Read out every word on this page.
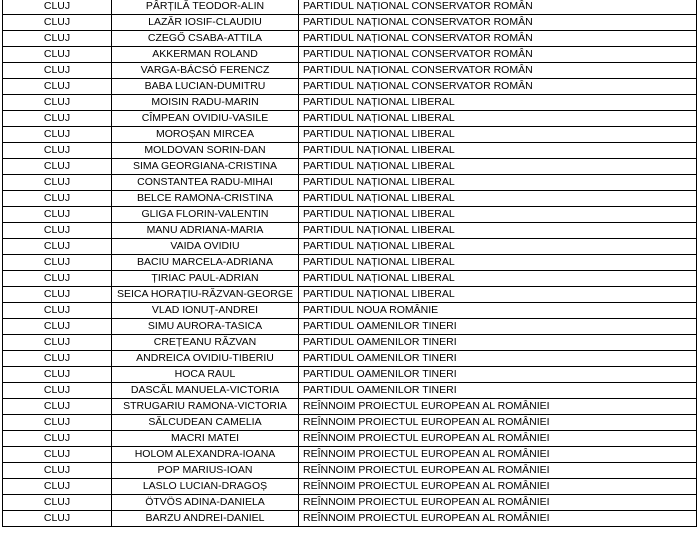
CLUJ	PÂRȚILĂ TEODOR-ALIN	PARTIDUL NAȚIONAL CONSERVATOR ROMÂN
CLUJ	LAZĂR IOSIF-CLAUDIU	PARTIDUL NAȚIONAL CONSERVATOR ROMÂN
CLUJ	CZEGŐ CSABA-ATTILA	PARTIDUL NAȚIONAL CONSERVATOR ROMÂN
CLUJ	AKKERMAN ROLAND	PARTIDUL NAȚIONAL CONSERVATOR ROMÂN
CLUJ	VARGA-BÁCSÓ FERENCZ	PARTIDUL NAȚIONAL CONSERVATOR ROMÂN
CLUJ	BABA LUCIAN-DUMITRU	PARTIDUL NAȚIONAL CONSERVATOR ROMÂN
CLUJ	MOISIN RADU-MARIN	PARTIDUL NAȚIONAL LIBERAL
CLUJ	CÎMPEAN OVIDIU-VASILE	PARTIDUL NAȚIONAL LIBERAL
CLUJ	MOROȘAN MIRCEA	PARTIDUL NAȚIONAL LIBERAL
CLUJ	MOLDOVAN SORIN-DAN	PARTIDUL NAȚIONAL LIBERAL
CLUJ	SIMA GEORGIANA-CRISTINA	PARTIDUL NAȚIONAL LIBERAL
CLUJ	CONSTANTEA RADU-MIHAI	PARTIDUL NAȚIONAL LIBERAL
CLUJ	BELCE RAMONA-CRISTINA	PARTIDUL NAȚIONAL LIBERAL
CLUJ	GLIGA FLORIN-VALENTIN	PARTIDUL NAȚIONAL LIBERAL
CLUJ	MANU ADRIANA-MARIA	PARTIDUL NAȚIONAL LIBERAL
CLUJ	VAIDA OVIDIU	PARTIDUL NAȚIONAL LIBERAL
CLUJ	BACIU MARCELA-ADRIANA	PARTIDUL NAȚIONAL LIBERAL
CLUJ	ȚIRIAC PAUL-ADRIAN	PARTIDUL NAȚIONAL LIBERAL
CLUJ	SEICA HORAȚIU-RĂZVAN-GEORGE	PARTIDUL NAȚIONAL LIBERAL
CLUJ	VLAD IONUȚ-ANDREI	PARTIDUL NOUA ROMÂNIE
CLUJ	SIMU AURORA-TASICA	PARTIDUL OAMENILOR TINERI
CLUJ	CREȚEANU RĂZVAN	PARTIDUL OAMENILOR TINERI
CLUJ	ANDREICA OVIDIU-TIBERIU	PARTIDUL OAMENILOR TINERI
CLUJ	HOCA RAUL	PARTIDUL OAMENILOR TINERI
CLUJ	DASCĂL MANUELA-VICTORIA	PARTIDUL OAMENILOR TINERI
CLUJ	STRUGARIU RAMONA-VICTORIA	REÎNNOIM PROIECTUL EUROPEAN AL ROMÂNIEI
CLUJ	SĂLCUDEAN CAMELIA	REÎNNOIM PROIECTUL EUROPEAN AL ROMÂNIEI
CLUJ	MACRI MATEI	REÎNNOIM PROIECTUL EUROPEAN AL ROMÂNIEI
CLUJ	HOLOM ALEXANDRA-IOANA	REÎNNOIM PROIECTUL EUROPEAN AL ROMÂNIEI
CLUJ	POP MARIUS-IOAN	REÎNNOIM PROIECTUL EUROPEAN AL ROMÂNIEI
CLUJ	LASLO LUCIAN-DRAGOȘ	REÎNNOIM PROIECTUL EUROPEAN AL ROMÂNIEI
CLUJ	ÖTVÖS ADINA-DANIELA	REÎNNOIM PROIECTUL EUROPEAN AL ROMÂNIEI
CLUJ	BARZU ANDREI-DANIEL	REÎNNOIM PROIECTUL EUROPEAN AL ROMÂNIEI
